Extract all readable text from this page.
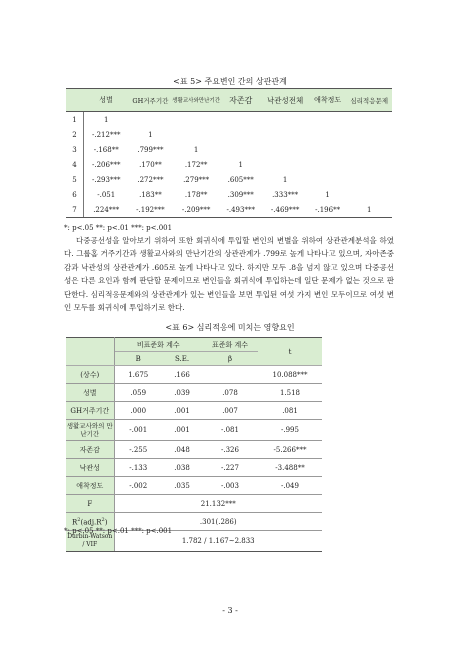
<표 5> 주요변인 간의 상관관계
	성별	GH거주기간	생활교사와만난기간	자존감	낙관성전체	애착정도	심리적응문제
1	1						
2	-.212***	1					
3	-.168**	.799***	1				
4	-.206***	.170**	.172**	1			
5	-.293***	.272***	.279***	.605***	1		
6	-.051	.183**	.178**	.309***	.333***	1	
7	.224***	-.192***	-.209***	-.493***	-.469***	-.196**	1
*: p<.05 **: p<.01 ***: p<.001
다중공선성을 알아보기 위하여 또한 회귀식에 투입할 변인의 변별을 위하여 상관관계분석을 하였다. 그룹홈 거주기간과 생활교사와의 만난기간의 상관관계가 .799로 높게 나타나고 있으며, 자아존중감과 낙관성의 상관관계가 .605로 높게 나타나고 있다. 하지만 모두 .8을 넘지 않고 있으며 다중공선성은 다른 요인과 함께 판단할 문제이므로 변인들을 회귀식에 투입하는데 일단 문제가 없는 것으로 판단한다. 심리적응문제와의 상관관계가 있는 변인들을 보면 투입된 여섯 가지 변인 모두이므로 여섯 변인 모두를 회귀식에 투입하기로 한다.
<표 6> 심리적응에 미치는 영향요인
	비표준화 계수		표준화 계수	t
	B	S.E.	β	
(상수)	1.675	.166		10.088***
성별	.059	.039	.078	1.518
GH거주기간	.000	.001	.007	.081
생활교사와의 만난기간	-.001	.001	-.081	-.995
자존감	-.255	.048	-.326	-5.266***
낙관성	-.133	.038	-.227	-3.488**
애착정도	-.002	.035	-.003	-.049
F	21.132***			
$R^2(adj.R^2)$	.301(.286)			
Durbin-Watson / VIF	1.782 / 1.167~2.833			
*: p<.05 **: p<.01 ***: p<.001
- 3 -
